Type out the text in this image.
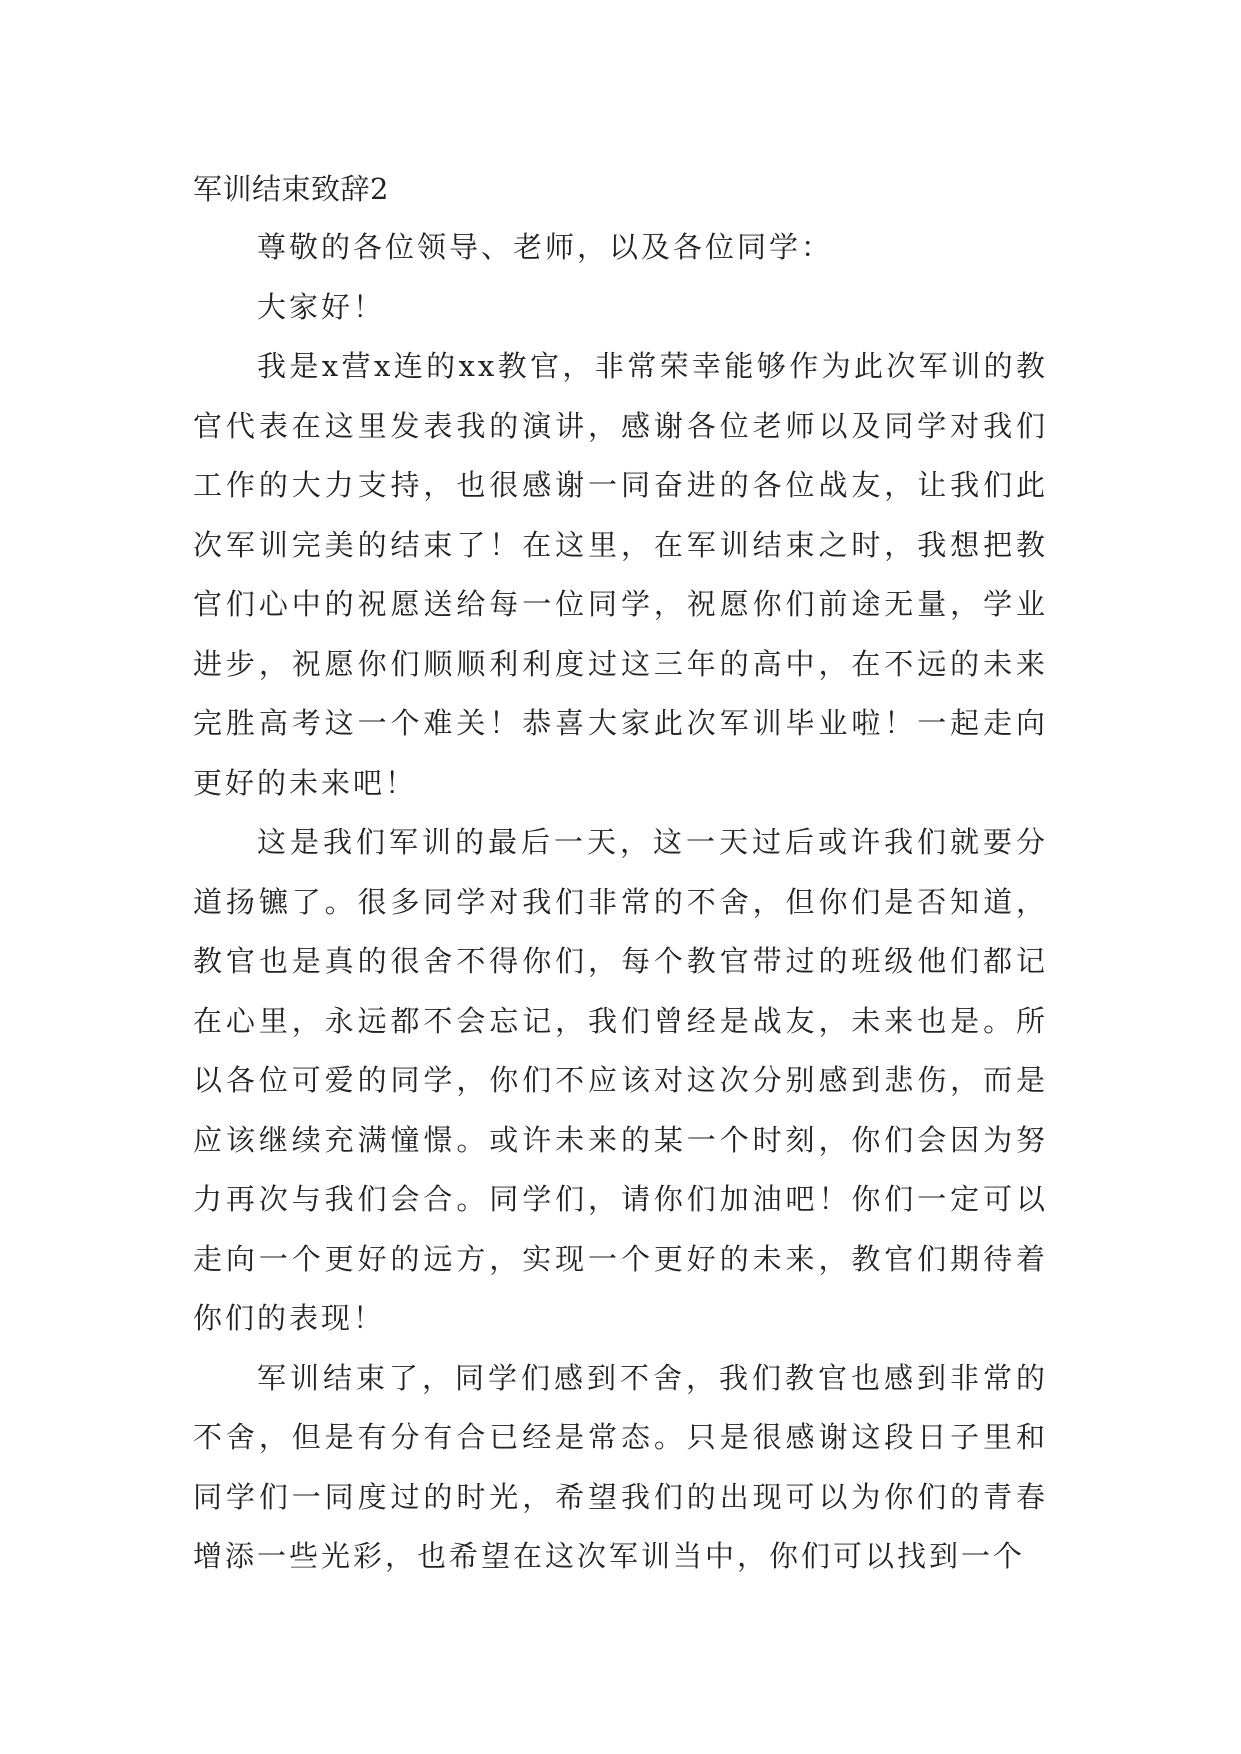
军训结束致辞2

尊敬的各位领导、老师，以及各位同学：

大家好！

我是x营x连的xx教官，非常荣幸能够作为此次军训的教官代表在这里发表我的演讲，感谢各位老师以及同学对我们工作的大力支持，也很感谢一同奋进的各位战友，让我们此次军训完美的结束了！在这里，在军训结束之时，我想把教官们心中的祝愿送给每一位同学，祝愿你们前途无量，学业进步，祝愿你们顺顺利利度过这三年的高中，在不远的未来完胜高考这一个难关！恭喜大家此次军训毕业啦！一起走向更好的未来吧！

这是我们军训的最后一天，这一天过后或许我们就要分道扬镳了。很多同学对我们非常的不舍，但你们是否知道，教官也是真的很舍不得你们，每个教官带过的班级他们都记在心里，永远都不会忘记，我们曾经是战友，未来也是。所以各位可爱的同学，你们不应该对这次分别感到悲伤，而是应该继续充满憧憬。或许未来的某一个时刻，你们会因为努力再次与我们会合。同学们，请你们加油吧！你们一定可以走向一个更好的远方，实现一个更好的未来，教官们期待着你们的表现！

军训结束了，同学们感到不舍，我们教官也感到非常的不舍，但是有分有合已经是常态。只是很感谢这段日子里和同学们一同度过的时光，希望我们的出现可以为你们的青春增添一些光彩，也希望在这次军训当中，你们可以找到一个
